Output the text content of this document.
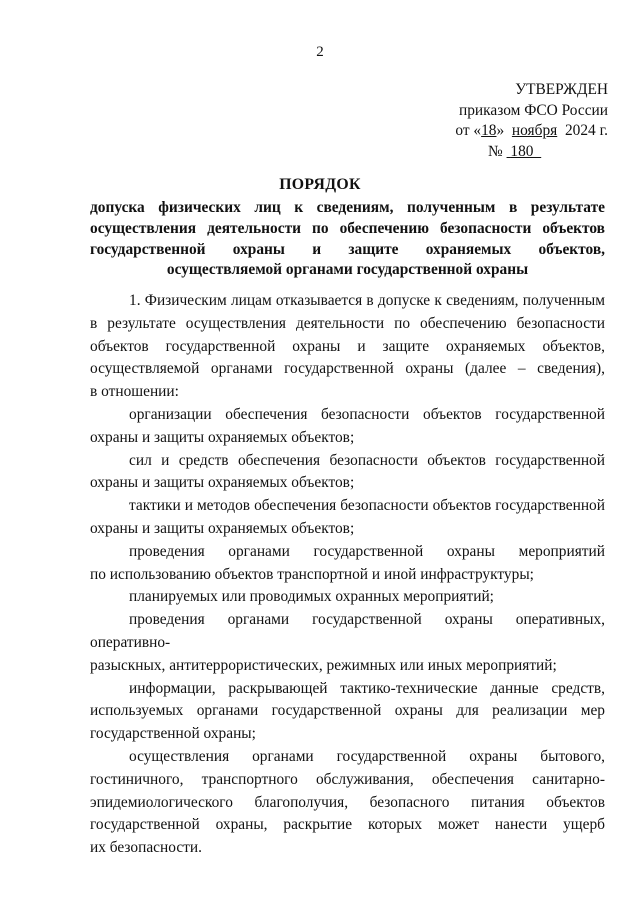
2
УТВЕРЖДЕН
приказом ФСО России
от «18» ноября 2024 г.
№ 180
ПОРЯДОК
допуска физических лиц к сведениям, полученным в результате
осуществления деятельности по обеспечению безопасности объектов
государственной охраны и защите охраняемых объектов,
осуществляемой органами государственной охраны
1. Физическим лицам отказывается в допуске к сведениям, полученным
в результате осуществления деятельности по обеспечению безопасности
объектов государственной охраны и защите охраняемых объектов,
осуществляемой органами государственной охраны (далее – сведения),
в отношении:
организации обеспечения безопасности объектов государственной
охраны и защиты охраняемых объектов;
сил и средств обеспечения безопасности объектов государственной
охраны и защиты охраняемых объектов;
тактики и методов обеспечения безопасности объектов государственной
охраны и защиты охраняемых объектов;
проведения органами государственной охраны мероприятий
по использованию объектов транспортной и иной инфраструктуры;
планируемых или проводимых охранных мероприятий;
проведения органами государственной охраны оперативных, оперативно-
разыскных, антитеррористических, режимных или иных мероприятий;
информации, раскрывающей тактико-технические данные средств,
используемых органами государственной охраны для реализации мер
государственной охраны;
осуществления органами государственной охраны бытового,
гостиничного, транспортного обслуживания, обеспечения санитарно-
эпидемиологического благополучия, безопасного питания объектов
государственной охраны, раскрытие которых может нанести ущерб
их безопасности.
